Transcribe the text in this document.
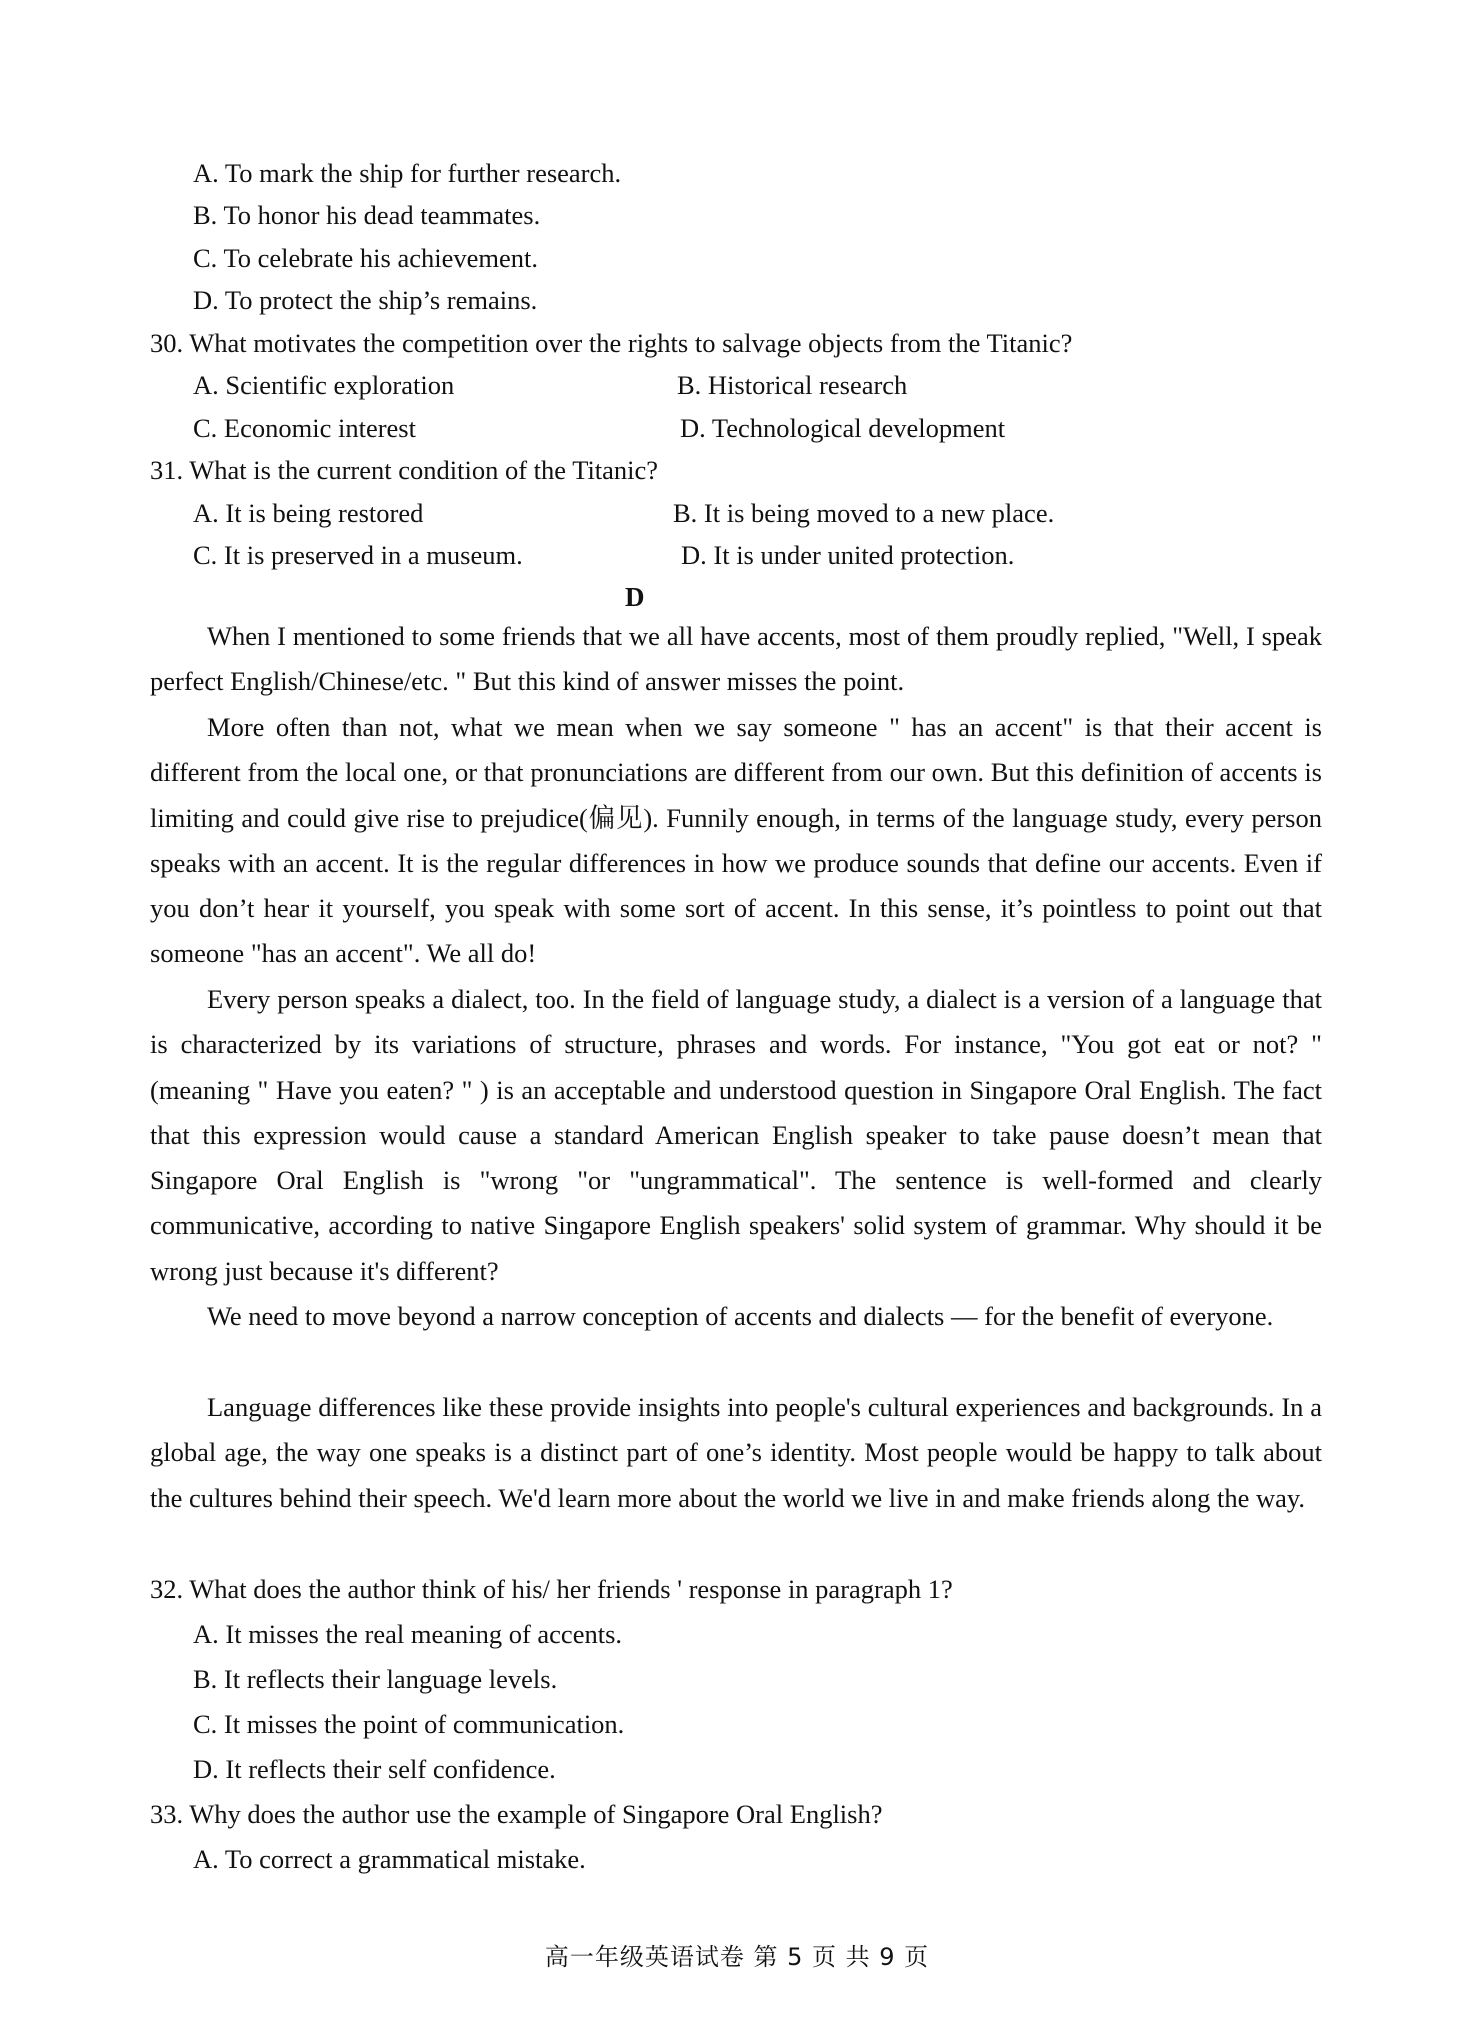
A. To mark the ship for further research.
B. To honor his dead teammates.
C. To celebrate his achievement.
D. To protect the ship’s remains.
30. What motivates the competition over the rights to salvage objects from the Titanic?
A. Scientific exploration	B. Historical research
C. Economic interest	D. Technological development
31. What is the current condition of the Titanic?
A. It is being restored	B. It is being moved to a new place.
C. It is preserved in a museum.	D. It is under united protection.
D

When I mentioned to some friends that we all have accents, most of them proudly replied, "Well, I speak perfect English/Chinese/etc. " But this kind of answer misses the point.

More often than not, what we mean when we say someone " has an accent" is that their accent is different from the local one, or that pronunciations are different from our own. But this definition of accents is limiting and could give rise to prejudice(偏见). Funnily enough, in terms of the language study, every person speaks with an accent. It is the regular differences in how we produce sounds that define our accents. Even if you don’t hear it yourself, you speak with some sort of accent. In this sense, it’s pointless to point out that someone "has an accent". We all do!

Every person speaks a dialect, too. In the field of language study, a dialect is a version of a language that is characterized by its variations of structure, phrases and words. For instance, "You got eat or not? " (meaning " Have you eaten? " ) is an acceptable and understood question in Singapore Oral English. The fact that this expression would cause a standard American English speaker to take pause doesn’t mean that Singapore Oral English is "wrong "or "ungrammatical". The sentence is well-formed and clearly communicative, according to native Singapore English speakers' solid system of grammar. Why should it be wrong just because it's different?

We need to move beyond a narrow conception of accents and dialects — for the benefit of everyone.

Language differences like these provide insights into people's cultural experiences and backgrounds. In a global age, the way one speaks is a distinct part of one’s identity. Most people would be happy to talk about the cultures behind their speech. We'd learn more about the world we live in and make friends along the way.

32. What does the author think of his/ her friends ' response in paragraph 1?
A. It misses the real meaning of accents.
B. It reflects their language levels.
C. It misses the point of communication.
D. It reflects their self confidence.
33. Why does the author use the example of Singapore Oral English?
A. To correct a grammatical mistake.
高一年级英语试卷 第 5 页 共 9 页
